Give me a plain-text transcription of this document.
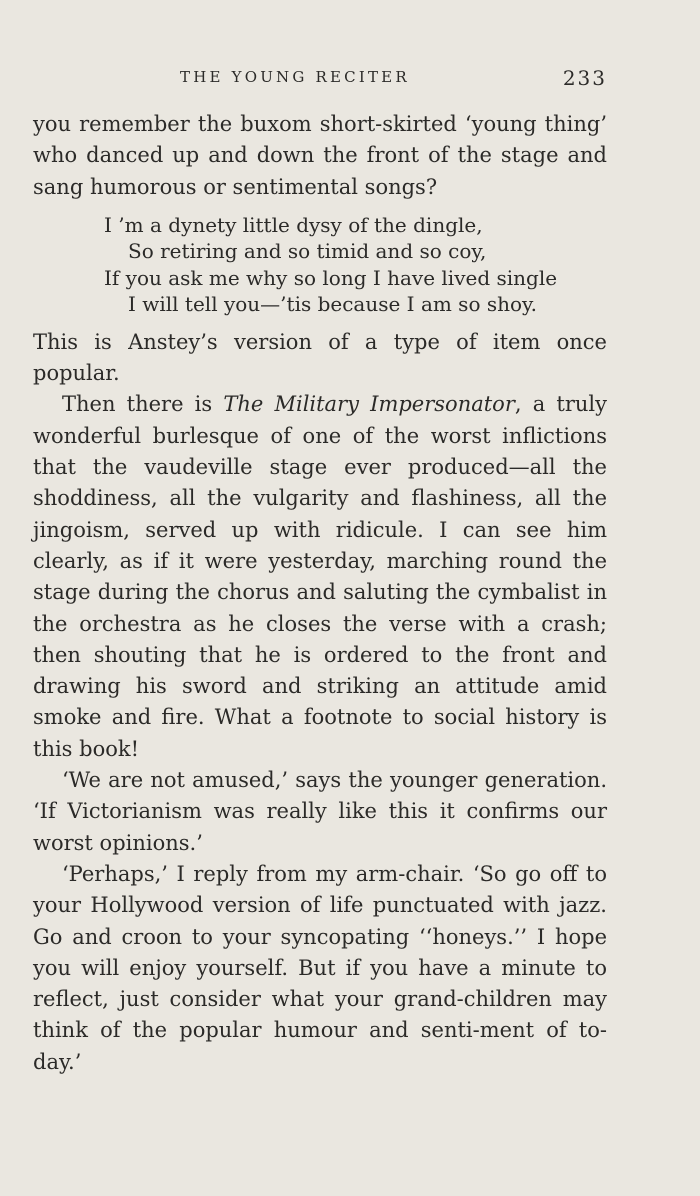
THE YOUNG RECITER	233

you remember the buxom short-skirted ‘young thing’ who danced up and down the front of the stage and sang humorous or sentimental songs?

I ’m a dynety little dysy of the dingle,
So retiring and so timid and so coy,
If you ask me why so long I have lived single
I will tell you—’tis because I am so shoy.

This is Anstey’s version of a type of item once popular.

Then there is The Military Impersonator, a truly wonderful burlesque of one of the worst inflictions that the vaudeville stage ever produced—all the shoddiness, all the vulgarity and flashiness, all the jingoism, served up with ridicule. I can see him clearly, as if it were yesterday, marching round the stage during the chorus and saluting the cymbalist in the orchestra as he closes the verse with a crash; then shouting that he is ordered to the front and drawing his sword and striking an attitude amid smoke and fire. What a footnote to social history is this book!

‘We are not amused,’ says the younger generation. ‘If Victorianism was really like this it confirms our worst opinions.’

‘Perhaps,’ I reply from my arm-chair. ‘So go off to your Hollywood version of life punctuated with jazz. Go and croon to your syncopating ‘‘honeys.’’ I hope you will enjoy yourself. But if you have a minute to reflect, just consider what your grand-children may think of the popular humour and senti-ment of to-day.’
